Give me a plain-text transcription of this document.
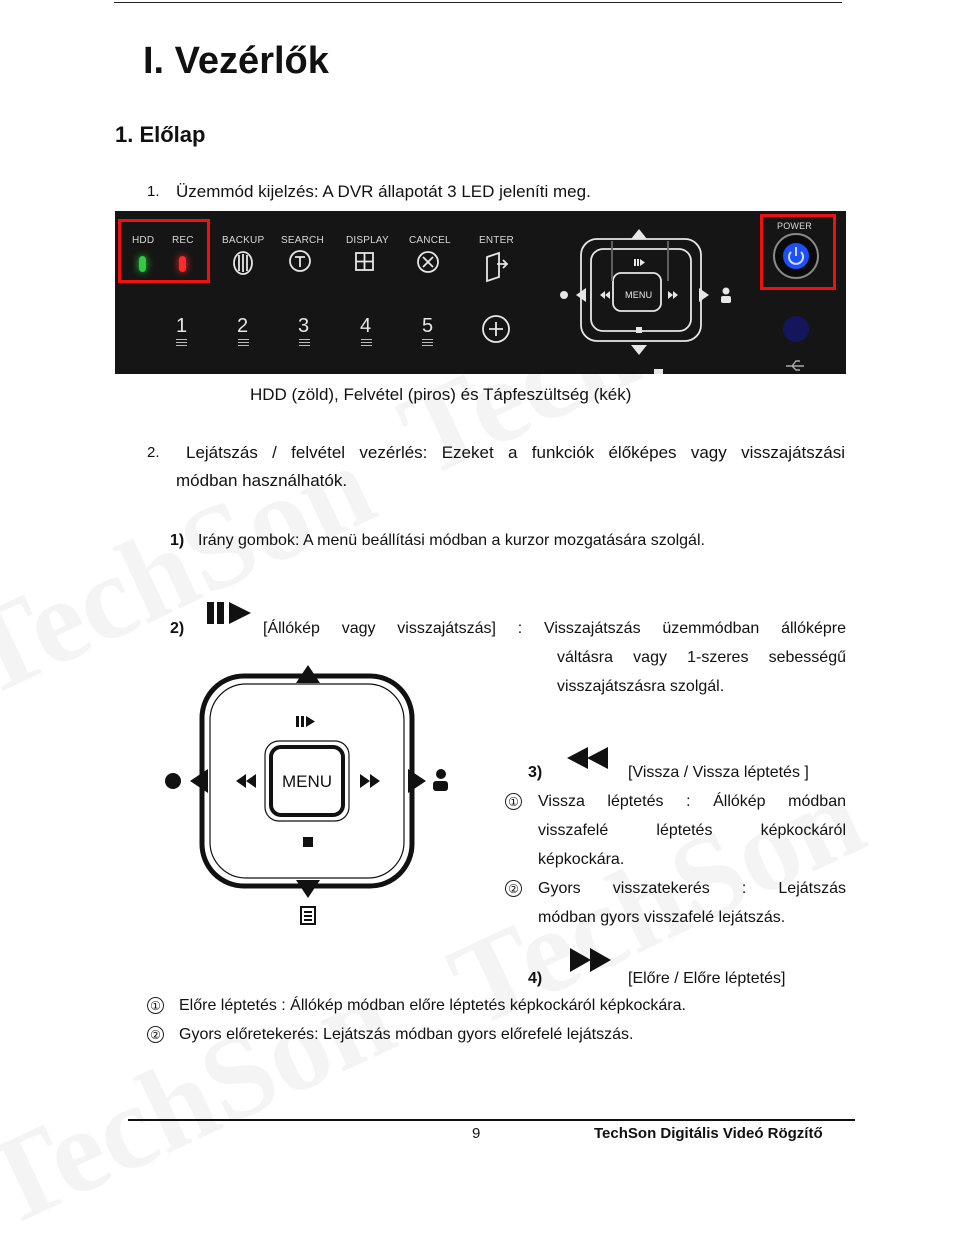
I. Vezérlők
1. Előlap
1. Üzemmód kijelzés: A DVR állapotát 3 LED jeleníti meg.
HDD REC	BACKUP SEARCH DISPLAY CANCEL	ENTER
POWER
MENU
1 2 3	4	5
HDD (zöld), Felvétel (piros) és Tápfeszültség (kék)
2. Lejátszás / felvétel vezérlés: Ezeket a funkciók élőképes vagy visszajátszási
módban használhatók.
1) Irány gombok: A menü beállítási módban a kurzor mozgatására szolgál.
2)	[Állókép vagy visszajátszás] : Visszajátszás üzemmódban állóképre
váltásra vagy 1-szeres sebességű
visszajátszásra szolgál.
MENU	3)	[Vissza / Vissza léptetés ]
① Vissza léptetés : Állókép módban
visszafelé léptetés képkockáról
képkockára.
② Gyors visszatekerés : Lejátszás
módban gyors visszafelé lejátszás.
4)	[Előre / Előre léptetés]
① Előre léptetés : Állókép módban előre léptetés képkockáról képkockára.
② Gyors előretekerés: Lejátszás módban gyors előrefelé lejátszás.
9	TechSon Digitális Videó Rögzítő
